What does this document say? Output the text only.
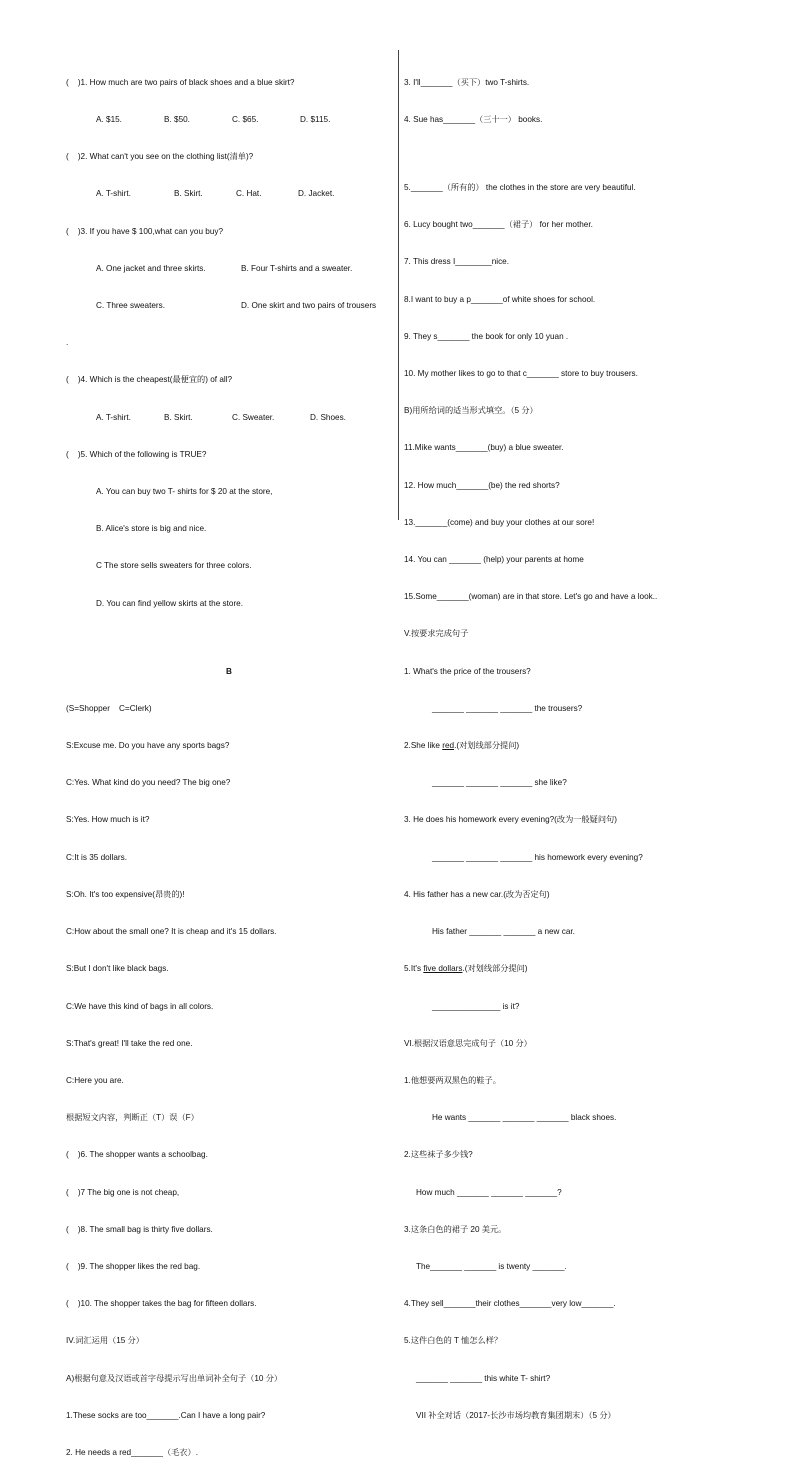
(    )1. How much are two pairs of black shoes and a blue skirt?

A. $15.	B. $50.	C. $65.	D. $115.

(    )2. What can't you see on the clothing list(清单)?

A. T-shirt.	B. Skirt.	C. Hat.	D. Jacket.

(    )3. If you have $ 100,what can you buy?

A. One jacket and three skirts.	B. Four T-shirts and a sweater.

C. Three sweaters.	D. One skirt and two pairs of trousers

.

(    )4. Which is the cheapest(最便宜的) of all?

A. T-shirt.	B. Skirt.	C. Sweater.	D. Shoes.

(    )5. Which of the following is TRUE?

A. You can buy two T- shirts for $ 20 at the store,

B. Alice's store is big and nice.

C The store sells sweaters for three colors.

D. You can find yellow skirts at the store.

B

(S=Shopper    C=Clerk)

S:Excuse me. Do you have any sports bags?

C:Yes. What kind do you need? The big one?

S:Yes. How much is it?

C:It is 35 dollars.

S:Oh. It's too expensive(昂贵的)!

C:How about the small one? It is cheap and it's 15 dollars.

S:But I don't like black bags.

C:We have this kind of bags in all colors.

S:That's great! I'll take the red one.

C:Here you are.

根据短文内容，判断正（T）误（F）

(    )6. The shopper wants a schoolbag.

(    )7 The big one is not cheap,

(    )8. The small bag is thirty five dollars.

(    )9. The shopper likes the red bag.

(    )10. The shopper takes the bag for fifteen dollars.

IV.词汇运用（15 分）

A)根据句意及汉语或首字母提示写出单词补全句子（10 分）

1.These socks are too_______.Can I have a long pair?

2. He needs a red_______（毛衣）.

3. I'll_______（买下）two T-shirts.

4. Sue has_______（三十一） books.

5._______（所有的） the clothes in the store are very beautiful.

6. Lucy bought two_______（裙子） for her mother.

7. This dress I________nice.

8.I want to buy a p_______of white shoes for school.

9. They s_______ the book for only 10 yuan .

10. My mother likes to go to that c_______ store to buy trousers.

B)用所给词的适当形式填空。（5 分）

11.Mike wants_______(buy) a blue sweater.

12. How much_______(be) the red shorts?

13._______(come) and buy your clothes at our sore!

14. You can _______ (help) your parents at home

15.Some_______(woman) are in that store. Let's go and have a look..

V.按要求完成句子

1. What's the price of the trousers?

_______ _______ _______ the trousers?

2.She like red.(对划线部分提问)

_______ _______ _______ she like?

3. He does his homework every evening?(改为一般疑问句)

_______ _______ _______ his homework every evening?

4. His father has a new car.(改为否定句)

His father _______ _______ a new car.

5.It's five dollars.(对划线部分提问)

_______________ is it?

VI.根据汉语意思完成句子（10 分）

1.他想要两双黑色的鞋子。

He wants _______ _______ _______ black shoes.

2.这些袜子多少钱?

How much _______ _______ _______?

3.这条白色的裙子 20 美元。

The_______ _______ is twenty _______.

4.They sell_______their clothes_______very low_______.

5.这件白色的 T 恤怎么样？

_______ _______ this white T- shirt?

VII 补全对话（2017-长沙市场均教育集团期末）（5 分）
